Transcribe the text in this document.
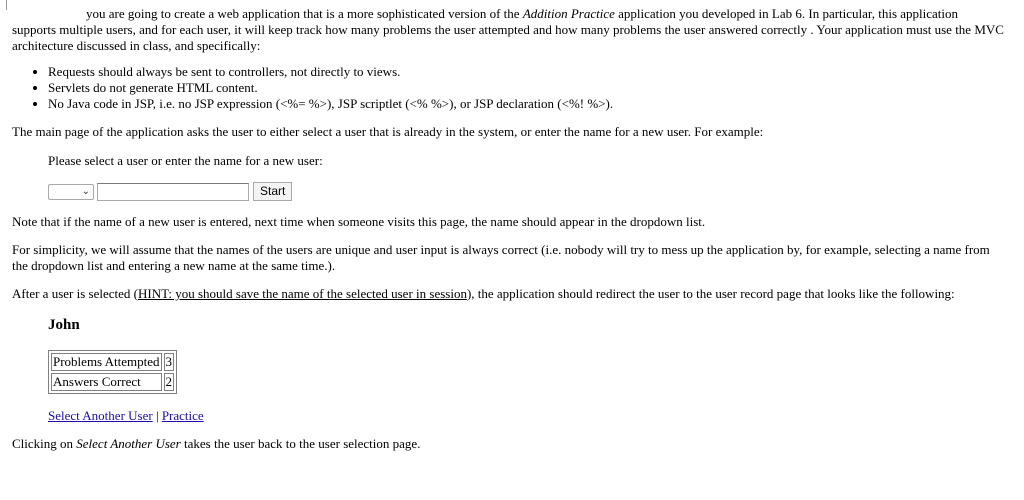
you are going to create a web application that is a more sophisticated version of the Addition Practice application you developed in Lab 6. In particular, this application supports multiple users, and for each user, it will keep track how many problems the user attempted and how many problems the user answered correctly . Your application must use the MVC architecture discussed in class, and specifically:

• Requests should always be sent to controllers, not directly to views.
• Servlets do not generate HTML content.
• No Java code in JSP, i.e. no JSP expression (<%= %>), JSP scriptlet (<% %>), or JSP declaration (<%! %>).

The main page of the application asks the user to either select a user that is already in the system, or enter the name for a new user. For example:

Please select a user or enter the name for a new user:

⌄	Start

Note that if the name of a new user is entered, next time when someone visits this page, the name should appear in the dropdown list.

For simplicity, we will assume that the names of the users are unique and user input is always correct (i.e. nobody will try to mess up the application by, for example, selecting a name from the dropdown list and entering a new name at the same time.).

After a user is selected (HINT: you should save the name of the selected user in session), the application should redirect the user to the user record page that looks like the following:

John
Problems Attempted	3
Answers Correct	2
Select Another User | Practice

Clicking on Select Another User takes the user back to the user selection page.
